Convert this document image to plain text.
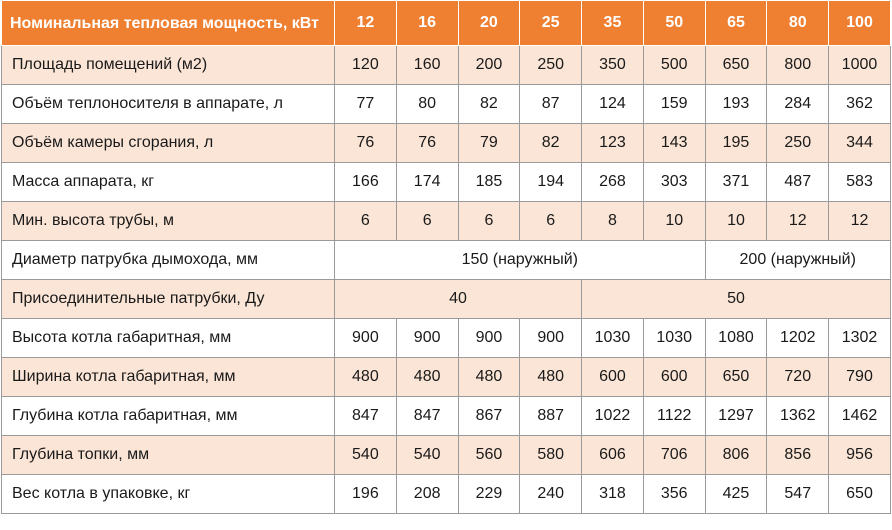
Номинальная тепловая мощность, кВт	12	16	20	25	35	50	65	80	100
Площадь помещений (м2)	120	160	200	250	350	500	650	800	1000
Объём теплоносителя в аппарате, л	77	80	82	87	124	159	193	284	362
Объём камеры сгорания, л	76	76	79	82	123	143	195	250	344
Масса аппарата, кг	166	174	185	194	268	303	371	487	583
Мин. высота трубы, м	6	6	6	6	8	10	10	12	12
Диаметр патрубка дымохода, мм	150 (наружный)						200 (наружный)		
Присоединительные патрубки, Ду	40				50				
Высота котла габаритная, мм	900	900	900	900	1030	1030	1080	1202	1302
Ширина котла габаритная, мм	480	480	480	480	600	600	650	720	790
Глубина котла габаритная, мм	847	847	867	887	1022	1122	1297	1362	1462
Глубина топки, мм	540	540	560	580	606	706	806	856	956
Вес котла в упаковке, кг	196	208	229	240	318	356	425	547	650
